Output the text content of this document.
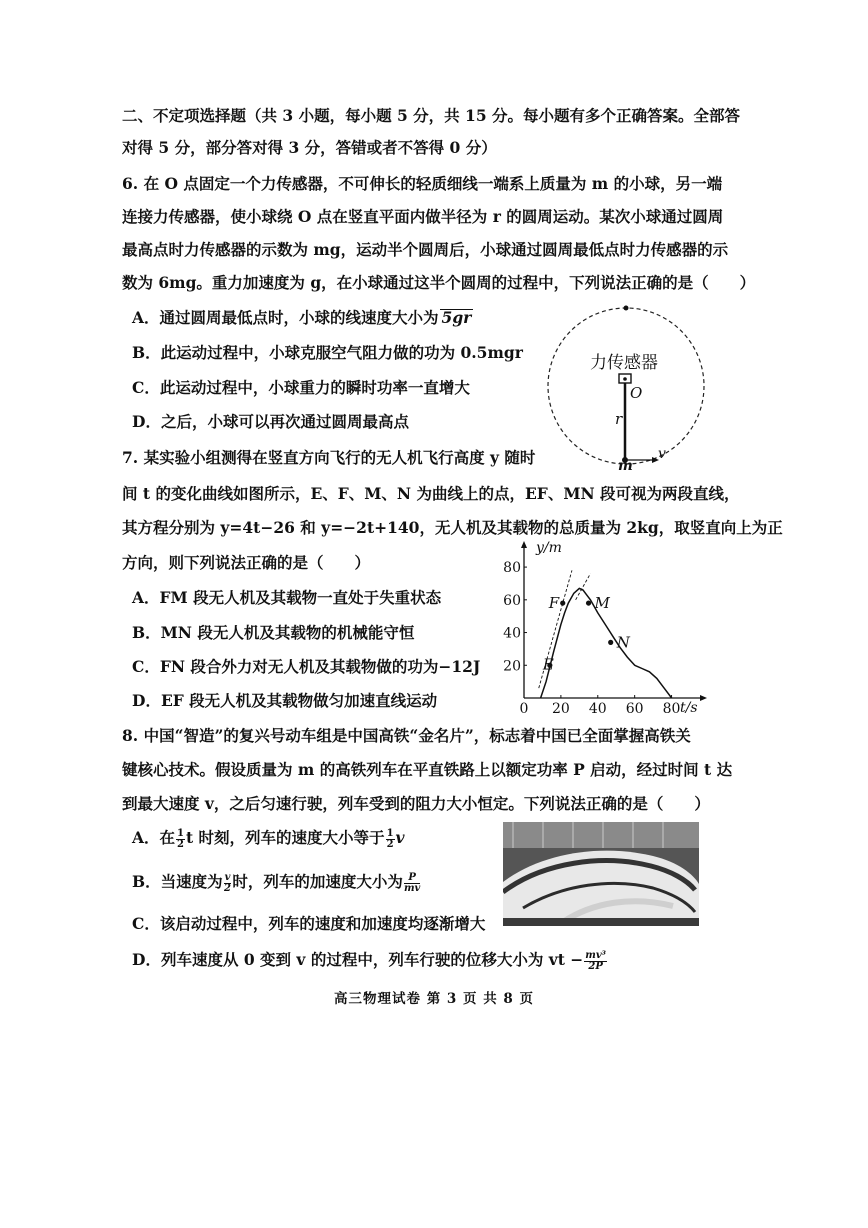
二、不定项选择题（共 3 小题，每小题 5 分，共 15 分。每小题有多个正确答案。全部答
对得 5 分，部分答对得 3 分，答错或者不答得 0 分）
6. 在 O 点固定一个力传感器，不可伸长的轻质细线一端系上质量为 m 的小球，另一端
连接力传感器，使小球绕 O 点在竖直平面内做半径为 r 的圆周运动。某次小球通过圆周
最高点时力传感器的示数为 mg，运动半个圆周后，小球通过圆周最低点时力传感器的示
数为 6mg。重力加速度为 g，在小球通过这半个圆周的过程中，下列说法正确的是（　　）
A．通过圆周最低点时，小球的线速度大小为 5gr
B．此运动过程中，小球克服空气阻力做的功为 0.5mgr
C．此运动过程中，小球重力的瞬时功率一直增大
D．之后，小球可以再次通过圆周最高点
力传感器
O
r
v
m
7. 某实验小组测得在竖直方向飞行的无人机飞行高度 y 随时
间 t 的变化曲线如图所示，E、F、M、N 为曲线上的点，EF、MN 段可视为两段直线，
其方程分别为 y=4t−26 和 y=−2t+140，无人机及其载物的总质量为 2kg，取竖直向上为正
方向，则下列说法正确的是（　　）
A．FM 段无人机及其载物一直处于失重状态
B．MN 段无人机及其载物的机械能守恒
C．FN 段合外力对无人机及其载物做的功为−12J
D．EF 段无人机及其载物做匀加速直线运动	0 20 40 60 80
20
40
60
80
E
F M
N
y/m
t/s
8. 中国“智造”的复兴号动车组是中国高铁“金名片”，标志着中国已全面掌握高铁关
键核心技术。假设质量为 m 的高铁列车在平直铁路上以额定功率 P 启动，经过时间 t 达
到最大速度 v，之后匀速行驶，列车受到的阻力大小恒定。下列说法正确的是（　　）
A．在 $\frac{1}{2}$ t 时刻，列车的速度大小等于 $\frac{1}{2}$ v
B．当速度为 $\frac{v}{2}$ 时，列车的加速度大小为 $\frac{P}{mv}$
C．该启动过程中，列车的速度和加速度均逐渐增大
D．列车速度从 0 变到 v 的过程中，列车行驶的位移大小为 vt − $\frac{\text{mv³}}{2P}$
高三物理试卷 第 3 页 共 8 页
